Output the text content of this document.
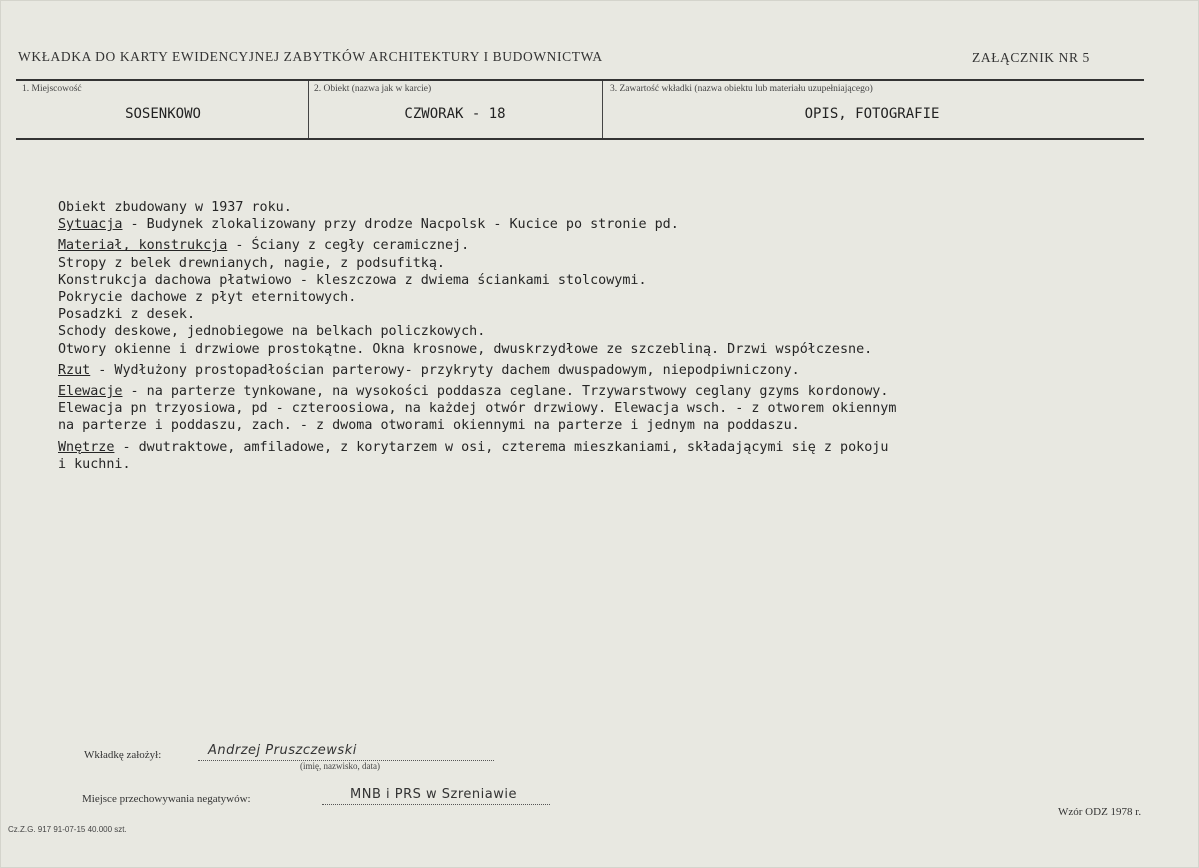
WKŁADKA DO KARTY EWIDENCYJNEJ ZABYTKÓW ARCHITEKTURY I BUDOWNICTWA	ZAŁĄCZNIK NR 5
1. Miejscowość
SOSENKOWO
2. Obiekt (nazwa jak w karcie)
CZWORAK - 18
3. Zawartość wkładki (nazwa obiektu lub materiału uzupełniającego)
OPIS, FOTOGRAFIE
Obiekt zbudowany w 1937 roku.
Sytuacja - Budynek zlokalizowany przy drodze Nacpolsk - Kucice po stronie pd.
Materiał, konstrukcja - Ściany z cegły ceramicznej.
Stropy z belek drewnianych, nagie, z podsufitką.
Konstrukcja dachowa płatwiowo - kleszczowa z dwiema ściankami stolcowymi.
Pokrycie dachowe z płyt eternitowych.
Posadzki z desek.
Schody deskowe, jednobiegowe na belkach policzkowych.
Otwory okienne i drzwiowe prostokątne. Okna krosnowe, dwuskrzydłowe ze szczebliną. Drzwi współczesne.
Rzut - Wydłużony prostopadłościan parterowy- przykryty dachem dwuspadowym, niepodpiwniczony.
Elewacje - na parterze tynkowane, na wysokości poddasza ceglane. Trzywarstwowy ceglany gzyms kordonowy.
Elewacja pn trzyosiowa, pd - czteroosiowa, na każdej otwór drzwiowy. Elewacja wsch. - z otworem okiennym
na parterze i poddaszu, zach. - z dwoma otworami okiennymi na parterze i jednym na poddaszu.
Wnętrze - dwutraktowe, amfiladowe, z korytarzem w osi, czterema mieszkaniami, składającymi się z pokoju
i kuchni.
Wkładkę założył:	Andrzej Pruszczewski
(imię, nazwisko, data)
Miejsce przechowywania negatywów:	MNB i PRS w Szreniawie
Wzór ODZ 1978 r.
Cz.Z.G. 917 91-07-15 40.000 szt.
